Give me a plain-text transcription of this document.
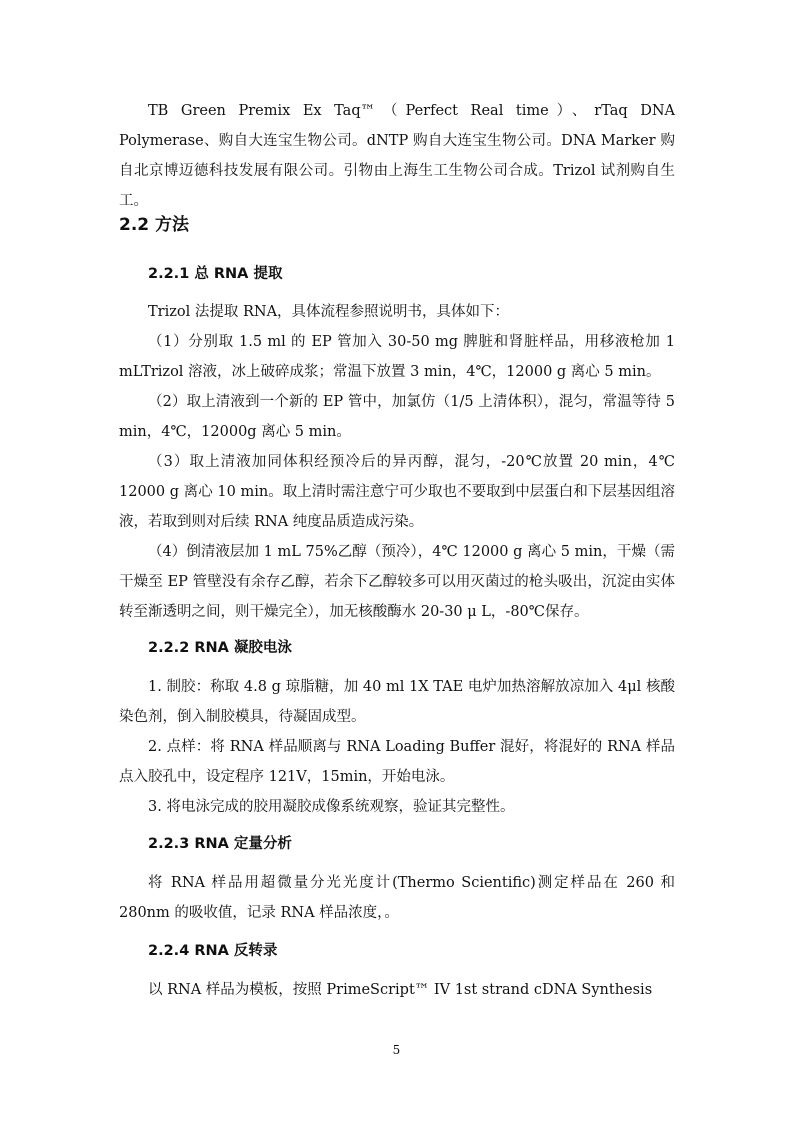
TB Green Premix Ex Taq™（Perfect Real time）、rTaq DNA Polymerase、购自大连宝生物公司。dNTP 购自大连宝生物公司。DNA Marker 购自北京博迈德科技发展有限公司。引物由上海生工生物公司合成。Trizol 试剂购自生工。

2.2 方法
2.2.1 总 RNA 提取

Trizol 法提取 RNA，具体流程参照说明书，具体如下：

（1）分别取 1.5 ml 的 EP 管加入 30-50 mg 脾脏和肾脏样品，用移液枪加 1 mLTrizol 溶液，冰上破碎成浆；常温下放置 3 min，4℃，12000 g 离心 5 min。

（2）取上清液到一个新的 EP 管中，加氯仿（1/5 上清体积），混匀，常温等待 5 min，4℃，12000g 离心 5 min。

（3）取上清液加同体积经预冷后的异丙醇，混匀，-20℃放置 20 min，4℃ 12000 g 离心 10 min。取上清时需注意宁可少取也不要取到中层蛋白和下层基因组溶液，若取到则对后续 RNA 纯度品质造成污染。

（4）倒清液层加 1 mL 75%乙醇（预冷），4℃ 12000 g 离心 5 min，干燥（需干燥至 EP 管壁没有余存乙醇，若余下乙醇较多可以用灭菌过的枪头吸出，沉淀由实体转至渐透明之间，则干燥完全），加无核酸酶水 20-30 μ L，-80℃保存。

2.2.2 RNA 凝胶电泳

1. 制胶：称取 4.8 g 琼脂糖，加 40 ml 1X TAE 电炉加热溶解放凉加入 4μl 核酸染色剂，倒入制胶模具，待凝固成型。

2. 点样：将 RNA 样品顺离与 RNA Loading Buffer 混好，将混好的 RNA 样品点入胶孔中，设定程序 121V，15min，开始电泳。

3. 将电泳完成的胶用凝胶成像系统观察，验证其完整性。

2.2.3 RNA 定量分析

将 RNA 样品用超微量分光光度计(Thermo Scientific)测定样品在 260 和 280nm 的吸收值，记录 RNA 样品浓度，。

2.2.4 RNA 反转录

以 RNA 样品为模板，按照 PrimeScript™ IV 1st strand cDNA Synthesis

5
